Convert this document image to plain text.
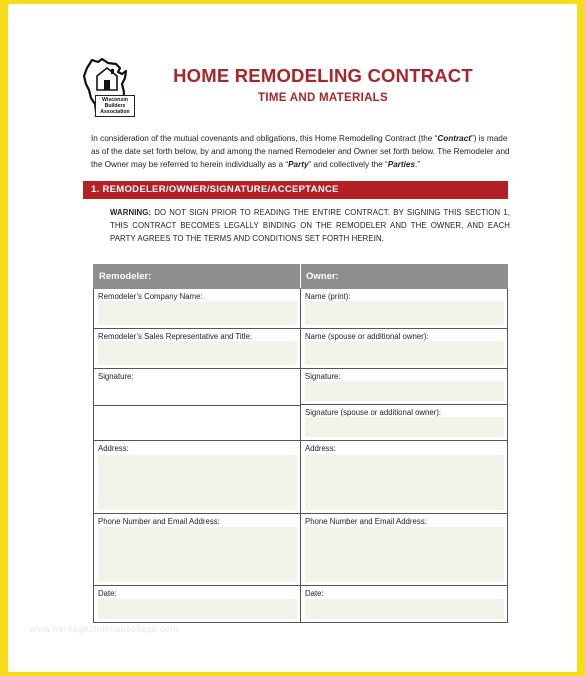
Wisconsin
Builders
Association
HOME REMODELING CONTRACT
TIME AND MATERIALS
In consideration of the mutual covenants and obligations, this Home Remodeling Contract (the “Contract”) is made as of the date set forth below, by and among the named Remodeler and Owner set forth below. The Remodeler and the Owner may be referred to herein individually as a “Party” and collectively the “Parties.”
1. REMODELER/OWNER/SIGNATURE/ACCEPTANCE
WARNING: DO NOT SIGN PRIOR TO READING THE ENTIRE CONTRACT. BY SIGNING THIS SECTION 1, THIS CONTRACT BECOMES LEGALLY BINDING ON THE REMODELER AND THE OWNER, AND EACH PARTY AGREES TO THE TERMS AND CONDITIONS SET FORTH HEREIN.
Remodeler:	Owner:

Remodeler’s Company Name:	Name (print):

Remodeler’s Sales Representative and Title:	Name (spouse or additional owner):

Signature:	Signature:

	Signature (spouse or additional owner):

Address:	Address:

Phone Number and Email Address:	Phone Number and Email Address:

Date:	Date:
www.heritagechristiancollege.com
